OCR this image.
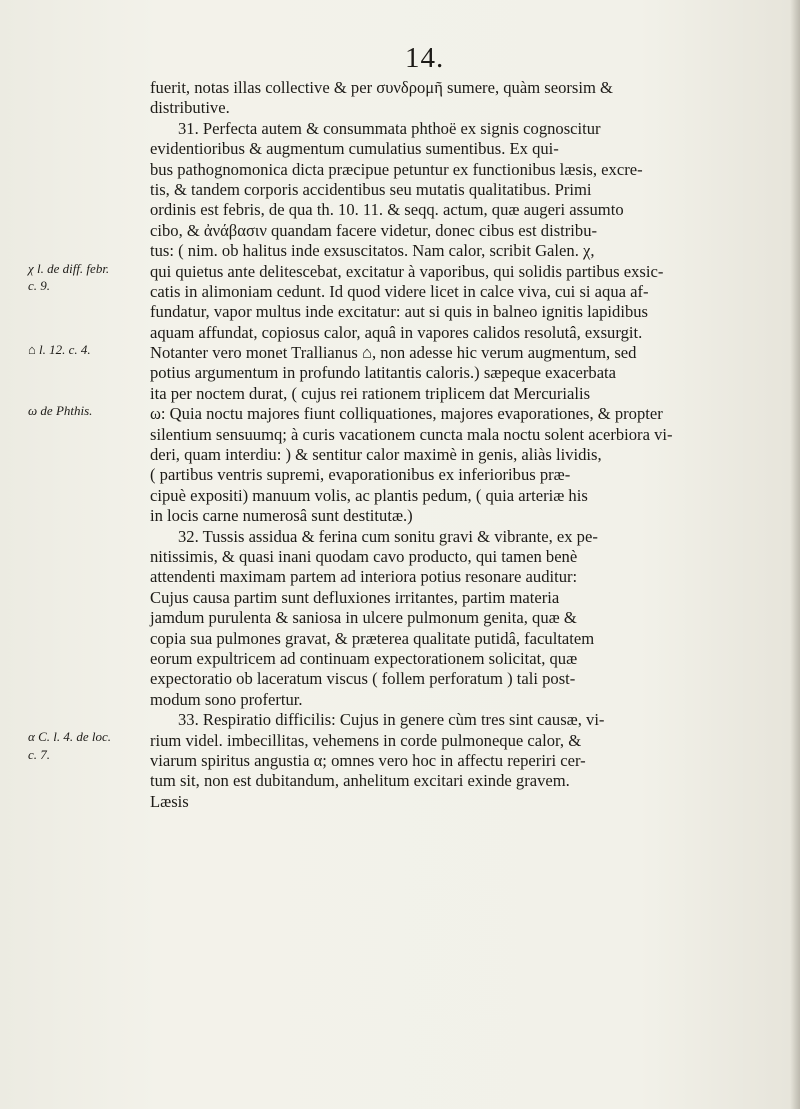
14.
fuerit, notas illas collective & per συνδρομῆ sumere, quàm seorsim &
distributive.
31. Perfecta autem & consummata phthoë ex signis cognoscitur
evidentioribus & augmentum cumulatius sumentibus. Ex qui-
bus pathognomonica dicta præcipue petuntur ex functionibus læsis, excre-
tis, & tandem corporis accidentibus seu mutatis qualitatibus. Primi
ordinis est febris, de qua th. 10. 11. & seqq. actum, quæ augeri assumto
cibo, & ἀνάβασιν quandam facere videtur, donec cibus est distribu-
tus: ( nim. ob halitus inde exsuscitatos. Nam calor, scribit Galen. χ,
qui quietus ante delitescebat, excitatur à vaporibus, qui solidis partibus exsic-
catis in alimoniam cedunt. Id quod videre licet in calce viva, cui si aqua af-
fundatur, vapor multus inde excitatur: aut si quis in balneo ignitis lapidibus
aquam affundat, copiosus calor, aquâ in vapores calidos resolutâ, exsurgit.
Notanter vero monet Trallianus ⌂, non adesse hic verum augmentum, sed
potius argumentum in profundo latitantis caloris.) sæpeque exacerbata
ita per noctem durat, ( cujus rei rationem triplicem dat Mercurialis
ω: Quia noctu majores fiunt colliquationes, majores evaporationes, & propter
silentium sensuumq; à curis vacationem cuncta mala noctu solent acerbiora vi-
deri, quam interdiu: ) & sentitur calor maximè in genis, aliàs lividis,
( partibus ventris supremi, evaporationibus ex inferioribus præ-
cipuè expositi) manuum volis, ac plantis pedum, ( quia arteriæ his
in locis carne numerosâ sunt destitutæ.)
32. Tussis assidua & ferina cum sonitu gravi & vibrante, ex pe-
nitissimis, & quasi inani quodam cavo producto, qui tamen benè
attendenti maximam partem ad interiora potius resonare auditur:
Cujus causa partim sunt defluxiones irritantes, partim materia
jamdum purulenta & saniosa in ulcere pulmonum genita, quæ &
copia sua pulmones gravat, & præterea qualitate putidâ, facultatem
eorum expultricem ad continuam expectorationem solicitat, quæ
expectoratio ob laceratum viscus ( follem perforatum ) tali post-
modum sono profertur.
33. Respiratio difficilis: Cujus in genere cùm tres sint causæ, vi-
rium videl. imbecillitas, vehemens in corde pulmoneque calor, &
viarum spiritus angustia α; omnes vero hoc in affectu reperiri cer-
tum sit, non est dubitandum, anhelitum excitari exinde gravem.
Læsis
χ l. de diff. febr.
c. 9.
⌂ l. 12. c. 4.
ω de Phthis.
α C. l. 4. de loc.
c. 7.
